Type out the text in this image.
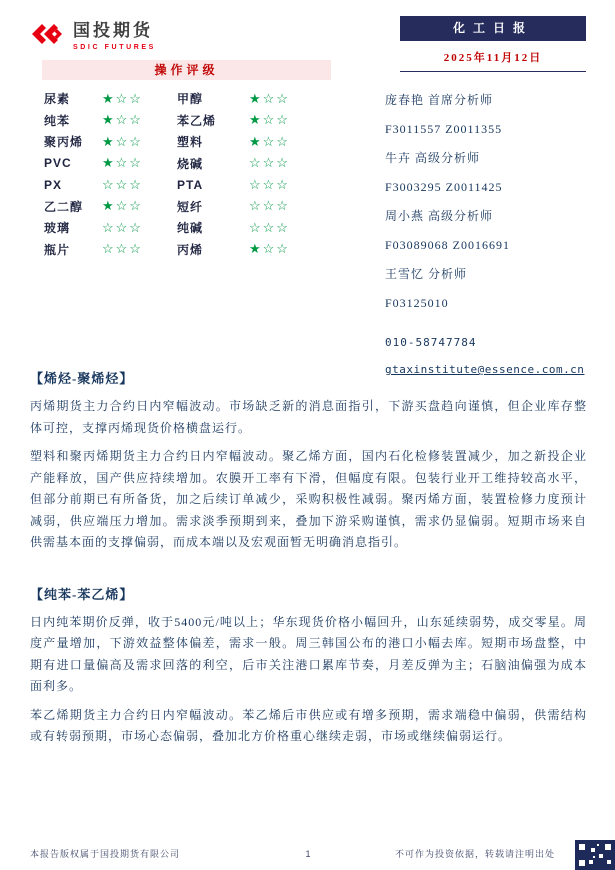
国投期货
SDIC FUTURES
化工日报
2025年11月12日
操作评级
尿素	★☆☆	甲醇	★☆☆
纯苯	★☆☆	苯乙烯	★☆☆
聚丙烯	★☆☆	塑料	★☆☆
PVC	★☆☆	烧碱	☆☆☆
PX	☆☆☆	PTA	☆☆☆
乙二醇	★☆☆	短纤	☆☆☆
玻璃	☆☆☆	纯碱	☆☆☆
瓶片	☆☆☆	丙烯	★☆☆
庞春艳 首席分析师
F3011557 Z0011355
牛卉 高级分析师
F3003295 Z0011425
周小燕 高级分析师
F03089068 Z0016691
王雪忆 分析师
F03125010
010-58747784
gtaxinstitute@essence.com.cn
【烯烃-聚烯烃】

丙烯期货主力合约日内窄幅波动。市场缺乏新的消息面指引，下游买盘趋向谨慎，但企业库存整体可控，支撑丙烯现货价格横盘运行。

塑料和聚丙烯期货主力合约日内窄幅波动。聚乙烯方面，国内石化检修装置减少，加之新投企业产能释放，国产供应持续增加。农膜开工率有下滑，但幅度有限。包装行业开工维持较高水平，但部分前期已有所备货，加之后续订单减少，采购积极性减弱。聚丙烯方面，装置检修力度预计减弱，供应端压力增加。需求淡季预期到来，叠加下游采购谨慎，需求仍显偏弱。短期市场来自供需基本面的支撑偏弱，而成本端以及宏观面暂无明确消息指引。

【纯苯-苯乙烯】

日内纯苯期价反弹，收于5400元/吨以上；华东现货价格小幅回升，山东延续弱势，成交零星。周度产量增加，下游效益整体偏差，需求一般。周三韩国公布的港口小幅去库。短期市场盘整，中期有进口量偏高及需求回落的利空，后市关注港口累库节奏，月差反弹为主；石脑油偏强为成本面利多。

苯乙烯期货主力合约日内窄幅波动。苯乙烯后市供应或有增多预期，需求端稳中偏弱，供需结构或有转弱预期，市场心态偏弱，叠加北方价格重心继续走弱，市场或继续偏弱运行。

本报告版权属于国投期货有限公司	1	不可作为投资依据，转载请注明出处
